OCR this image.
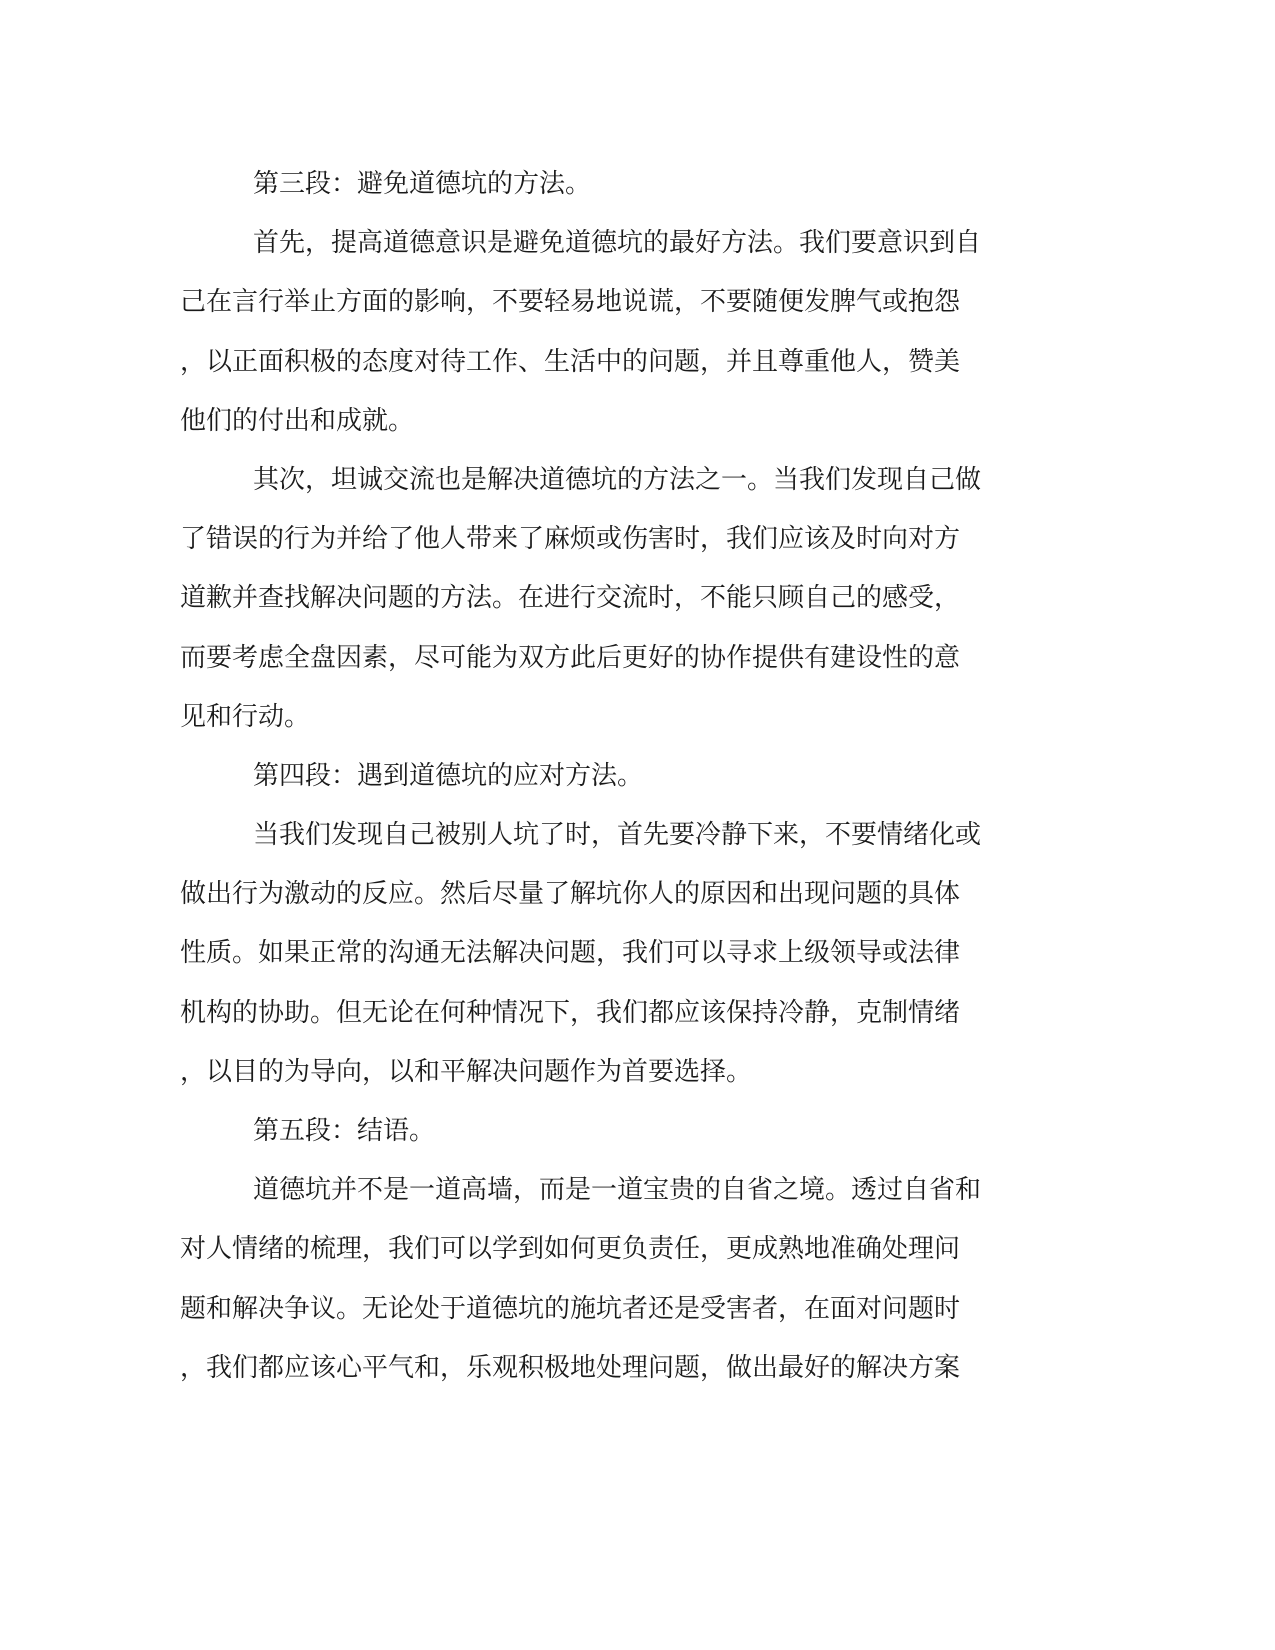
第三段：避免道德坑的方法。
首先，提高道德意识是避免道德坑的最好方法。我们要意识到自
己在言行举止方面的影响，不要轻易地说谎，不要随便发脾气或抱怨
，以正面积极的态度对待工作、生活中的问题，并且尊重他人，赞美
他们的付出和成就。
其次，坦诚交流也是解决道德坑的方法之一。当我们发现自己做
了错误的行为并给了他人带来了麻烦或伤害时，我们应该及时向对方
道歉并查找解决问题的方法。在进行交流时，不能只顾自己的感受，
而要考虑全盘因素，尽可能为双方此后更好的协作提供有建设性的意
见和行动。
第四段：遇到道德坑的应对方法。
当我们发现自己被别人坑了时，首先要冷静下来，不要情绪化或
做出行为激动的反应。然后尽量了解坑你人的原因和出现问题的具体
性质。如果正常的沟通无法解决问题，我们可以寻求上级领导或法律
机构的协助。但无论在何种情况下，我们都应该保持冷静，克制情绪
，以目的为导向，以和平解决问题作为首要选择。
第五段：结语。
道德坑并不是一道高墙，而是一道宝贵的自省之境。透过自省和
对人情绪的梳理，我们可以学到如何更负责任，更成熟地准确处理问
题和解决争议。无论处于道德坑的施坑者还是受害者，在面对问题时
，我们都应该心平气和，乐观积极地处理问题，做出最好的解决方案
